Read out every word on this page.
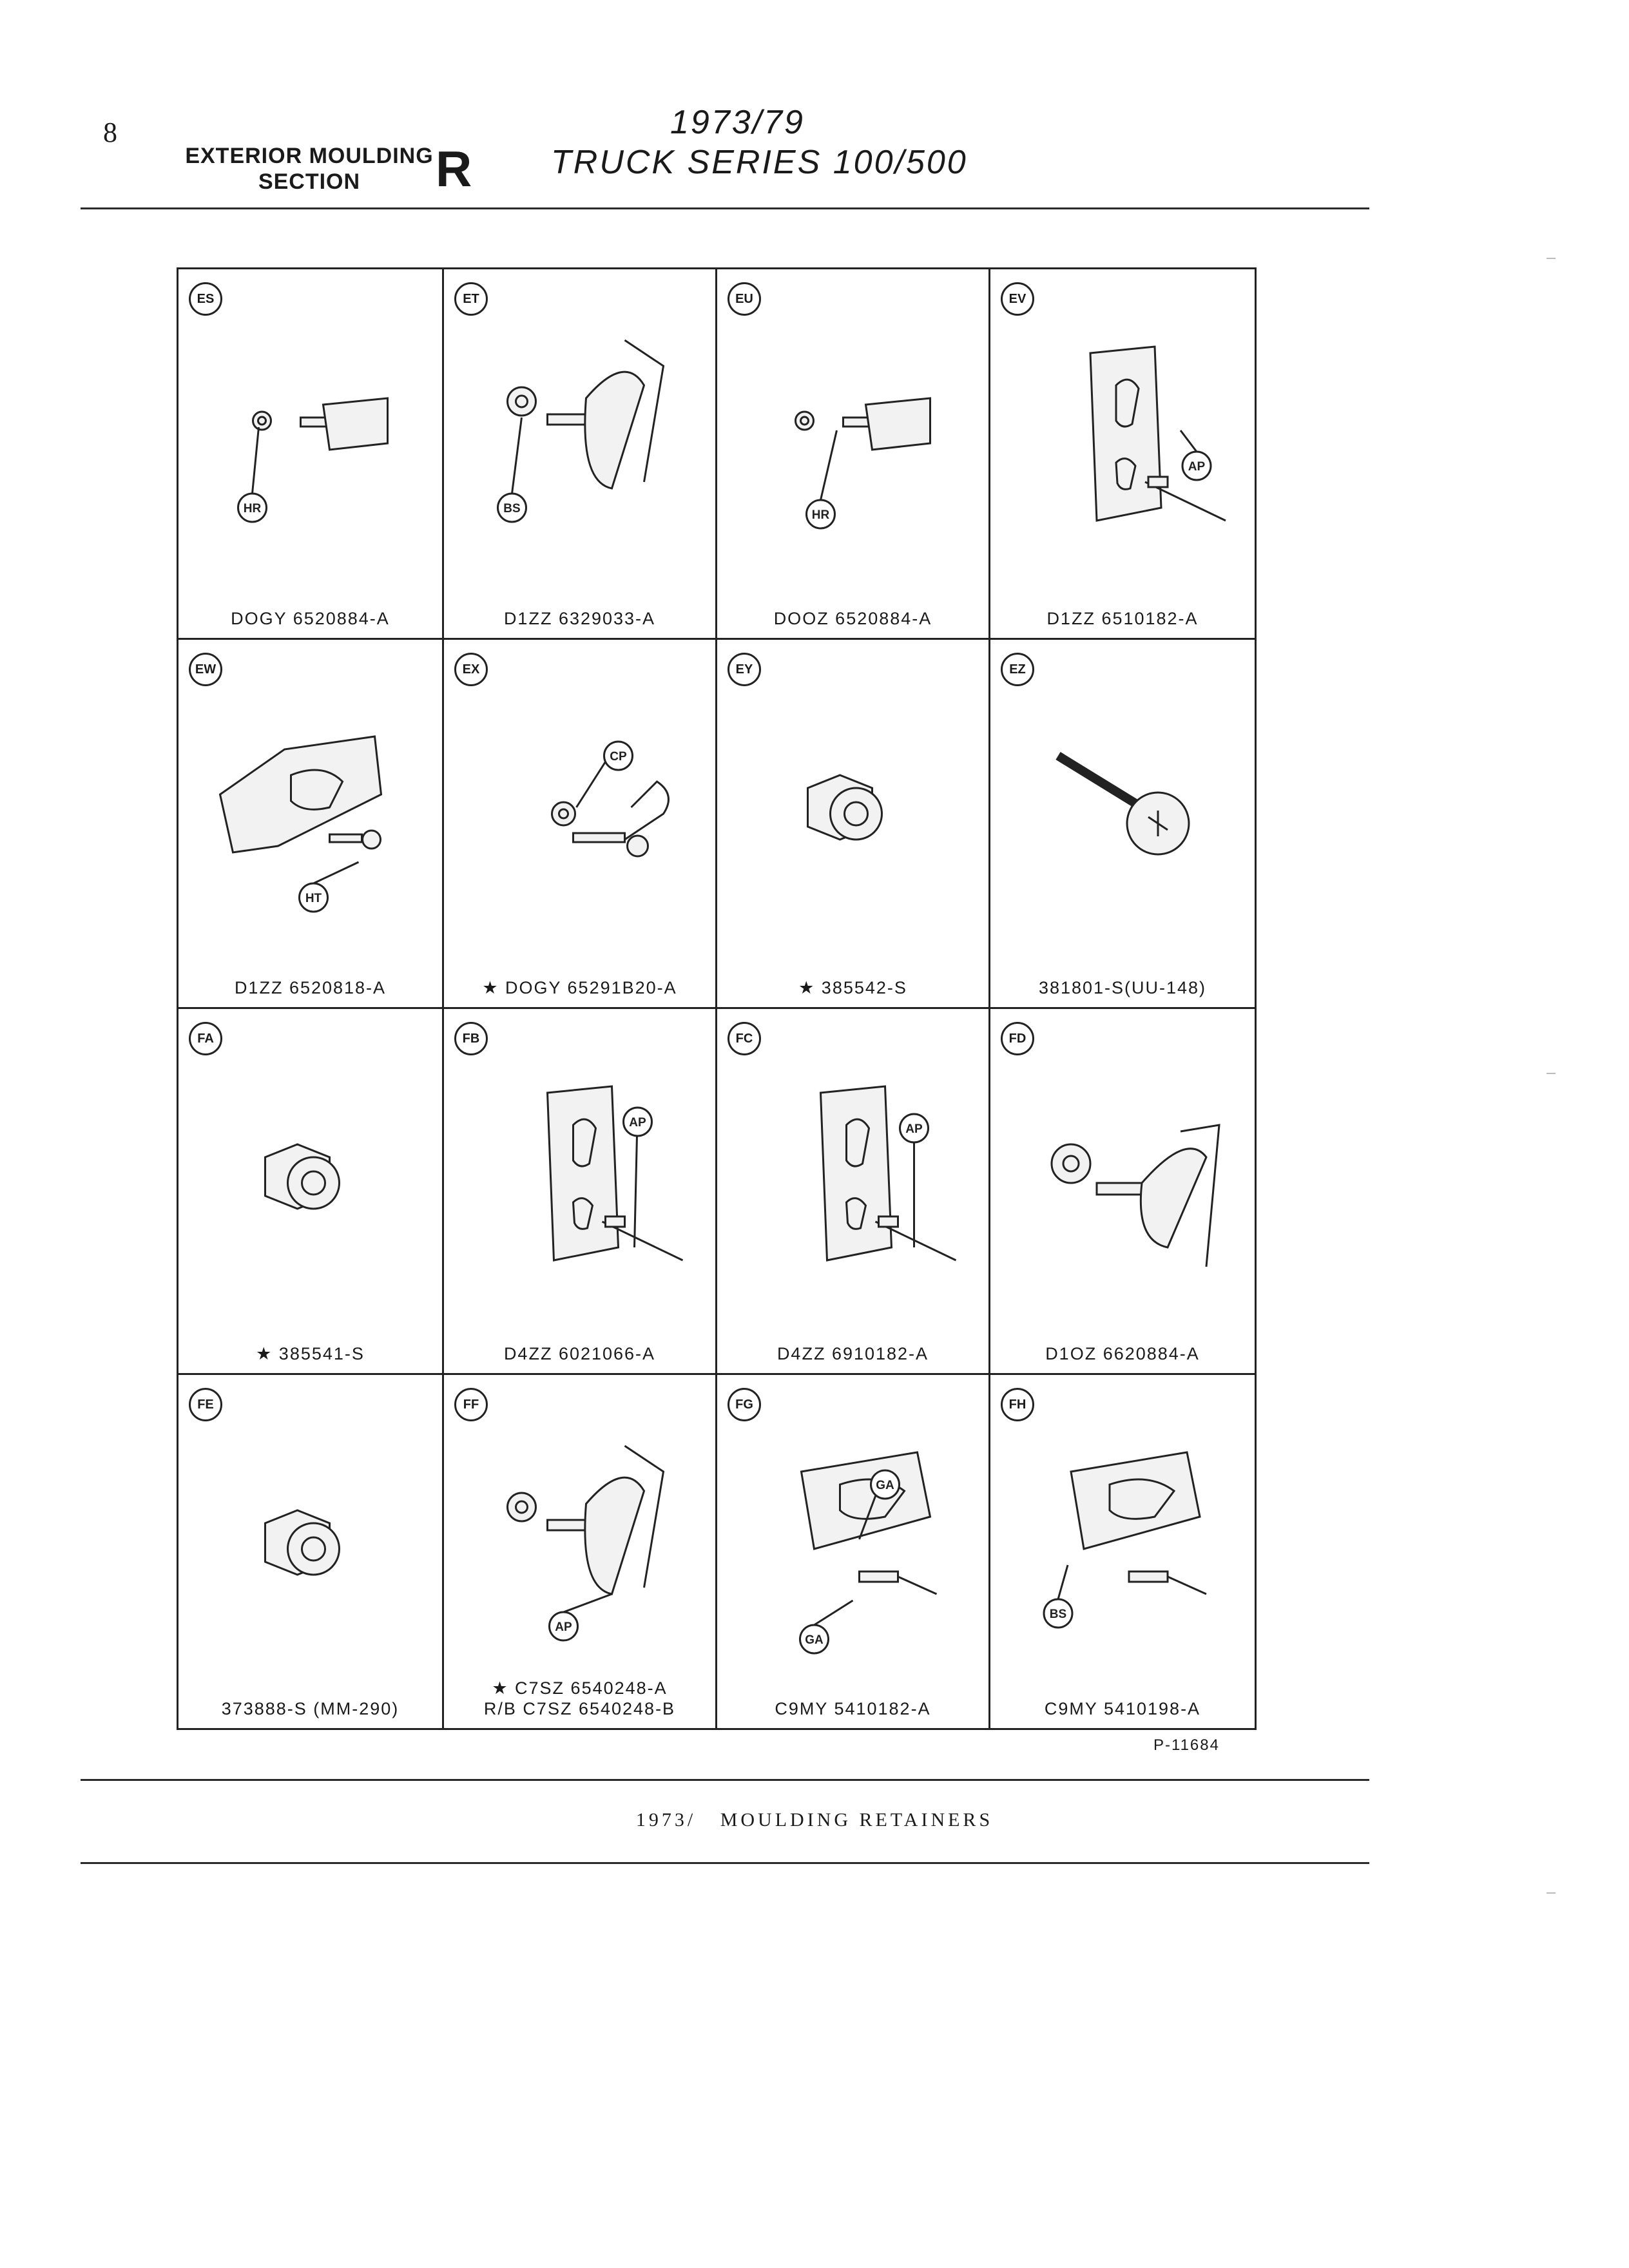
8
EXTERIOR MOULDING
SECTION	R
1973/79
TRUCK SERIES 100/500
ES
HR
DOGY 6520884-A
ET
BS
D1ZZ 6329033-A
EU
HR
DOOZ 6520884-A
EV
AP
D1ZZ 6510182-A
EW
HT
D1ZZ 6520818-A
EX
CP
★ DOGY 65291B20-A
EY
★ 385542-S
EZ
381801-S(UU-148)
FA
★ 385541-S
FB
AP
D4ZZ 6021066-A
FC
AP
D4ZZ 6910182-A
FD
D1OZ 6620884-A
FE
373888-S (MM-290)
FF
AP
★ C7SZ 6540248-A
R/B C7SZ 6540248-B
FG
GA
GA
C9MY 5410182-A
FH
BS
C9MY 5410198-A
P-11684
1973/   MOULDING RETAINERS
